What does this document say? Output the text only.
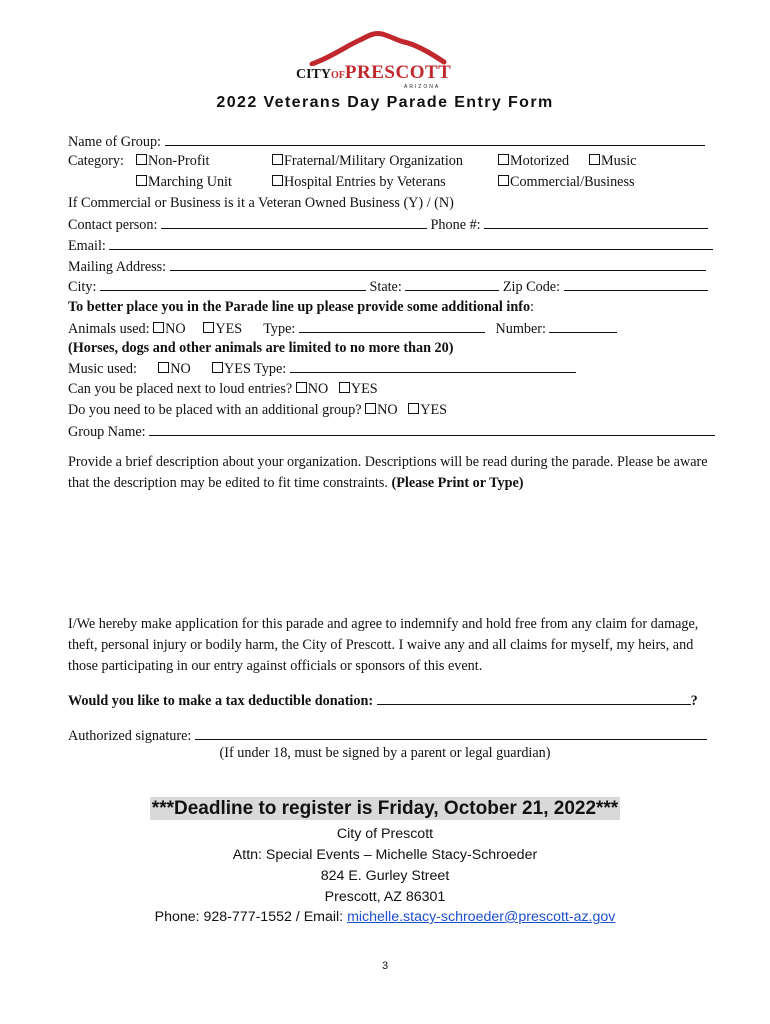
CITYOFPRESCOTT
ARIZONA
2022 Veterans Day Parade Entry Form
Name of Group:
Category:	Non-Profit	Fraternal/Military Organization	Motorized	Music
Marching Unit	Hospital Entries by Veterans	Commercial/Business
If Commercial or Business is it a Veteran Owned Business (Y) / (N)
Contact person:	Phone #:
Email:
Mailing Address:
City:	State:	Zip Code:
To better place you in the Parade line up please provide some additional info:
Animals used: NO YES Type:	Number:
(Horses, dogs and other animals are limited to no more than 20)
Music used: NO YES Type:
Can you be placed next to loud entries? NO YES
Do you need to be placed with an additional group? NO YES
Group Name:
Provide a brief description about your organization. Descriptions will be read during the parade. Please be aware that the description may be edited to fit time constraints. (Please Print or Type)
I/We hereby make application for this parade and agree to indemnify and hold free from any claim for damage, theft, personal injury or bodily harm, the City of Prescott. I waive any and all claims for myself, my heirs, and those participating in our entry against officials or sponsors of this event.
Would you like to make a tax deductible donation:	?
Authorized signature:
(If under 18, must be signed by a parent or legal guardian)
***Deadline to register is Friday, October 21, 2022***
City of Prescott
Attn: Special Events – Michelle Stacy-Schroeder
824 E. Gurley Street
Prescott, AZ 86301
Phone: 928-777-1552 / Email: michelle.stacy-schroeder@prescott-az.gov
3
